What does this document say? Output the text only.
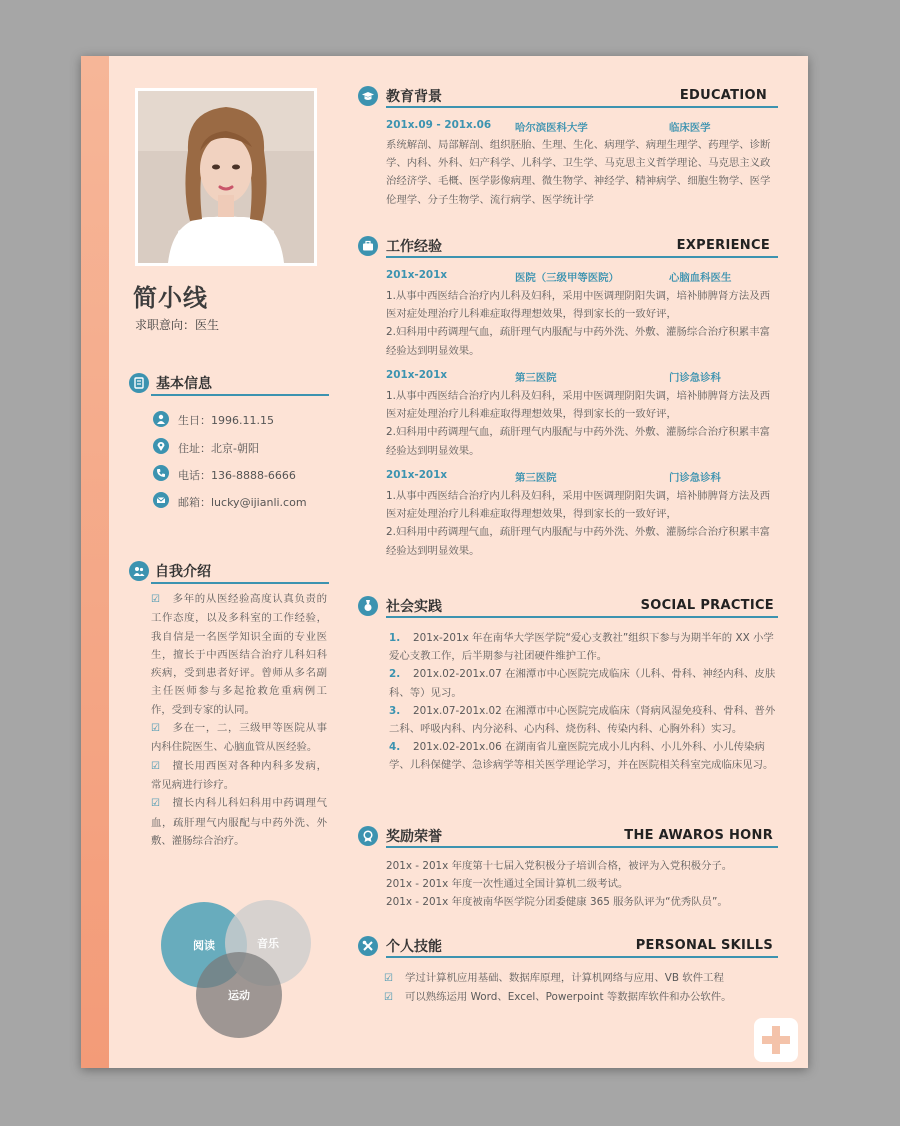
简小线
求职意向：医生
基本信息
生日：1996.11.15
住址：北京-朝阳
电话：136-8888-6666
邮箱：lucky@ijianli.com
自我介绍

☑ 多年的从医经验高度认真负责的工作态度，以及多科室的工作经验，我自信是一名医学知识全面的专业医生，擅长于中西医结合治疗儿科妇科疾病，受到患者好评。曾师从多名副主任医师参与多起抢救危重病例工作，受到专家的认同。

☑ 多在一，二，三级甲等医院从事内科住院医生、心脑血管从医经验。

☑ 擅长用西医对各种内科多发病，常见病进行诊疗。

☑ 擅长内科儿科妇科用中药调理气血，疏肝理气内服配与中药外洗、外敷、灌肠综合治疗。

阅读	音乐
运动
教育背景	EDUCATION
201x.09 - 201x.06 哈尔滨医科大学	临床医学
系统解剖、局部解剖、组织胚胎、生理、生化、病理学、病理生理学、药理学、诊断学、内科、外科、妇产科学、儿科学、卫生学、马克思主义哲学理论、马克思主义政治经济学、毛概、医学影像病理、微生物学、神经学、精神病学、细胞生物学、医学伦理学、分子生物学、流行病学、医学统计学
工作经验	EXPERIENCE
201x-201x	医院（三级甲等医院）	心脑血科医生

1.从事中西医结合治疗内儿科及妇科，采用中医调理阴阳失调，培补肺脾肾方法及西医对症处理治疗儿科难症取得理想效果，得到家长的一致好评，

2.妇科用中药调理气血，疏肝理气内服配与中药外洗、外敷、灌肠综合治疗积累丰富经验达到明显效果。

201x-201x	第三医院	门诊急诊科

1.从事中西医结合治疗内儿科及妇科，采用中医调理阴阳失调，培补肺脾肾方法及西医对症处理治疗儿科难症取得理想效果，得到家长的一致好评，

2.妇科用中药调理气血，疏肝理气内服配与中药外洗、外敷、灌肠综合治疗积累丰富经验达到明显效果。

201x-201x	第三医院	门诊急诊科

1.从事中西医结合治疗内儿科及妇科，采用中医调理阴阳失调，培补肺脾肾方法及西医对症处理治疗儿科难症取得理想效果，得到家长的一致好评，

2.妇科用中药调理气血，疏肝理气内服配与中药外洗、外敷、灌肠综合治疗积累丰富经验达到明显效果。

社会实践	SOCIAL PRACTICE

1. 201x-201x 年在南华大学医学院“爱心支教社”组织下参与为期半年的 XX 小学爱心支教工作，后半期参与社团硬件维护工作。

2. 201x.02-201x.07 在湘潭市中心医院完成临床（儿科、骨科、神经内科、皮肤科、等）见习。

3. 201x.07-201x.02 在湘潭市中心医院完成临床（肾病风湿免疫科、骨科、普外二科、呼吸内科、内分泌科、心内科、烧伤科、传染内科、心胸外科）实习。

4. 201x.02-201x.06 在湖南省儿童医院完成小儿内科、小儿外科、小儿传染病学、儿科保健学、急诊病学等相关医学理论学习，并在医院相关科室完成临床见习。

奖励荣誉	THE AWAROS HONR

201x - 201x 年度第十七届入党积极分子培训合格，被评为入党积极分子。

201x - 201x 年度一次性通过全国计算机二级考试。

201x - 201x 年度被南华医学院分团委健康 365 服务队评为“优秀队员”。

个人技能	PERSONAL SKILLS

☑ 学过计算机应用基础、数据库原理，计算机网络与应用、VB 软件工程

☑ 可以熟练运用 Word、Excel、Powerpoint 等数据库软件和办公软件。
